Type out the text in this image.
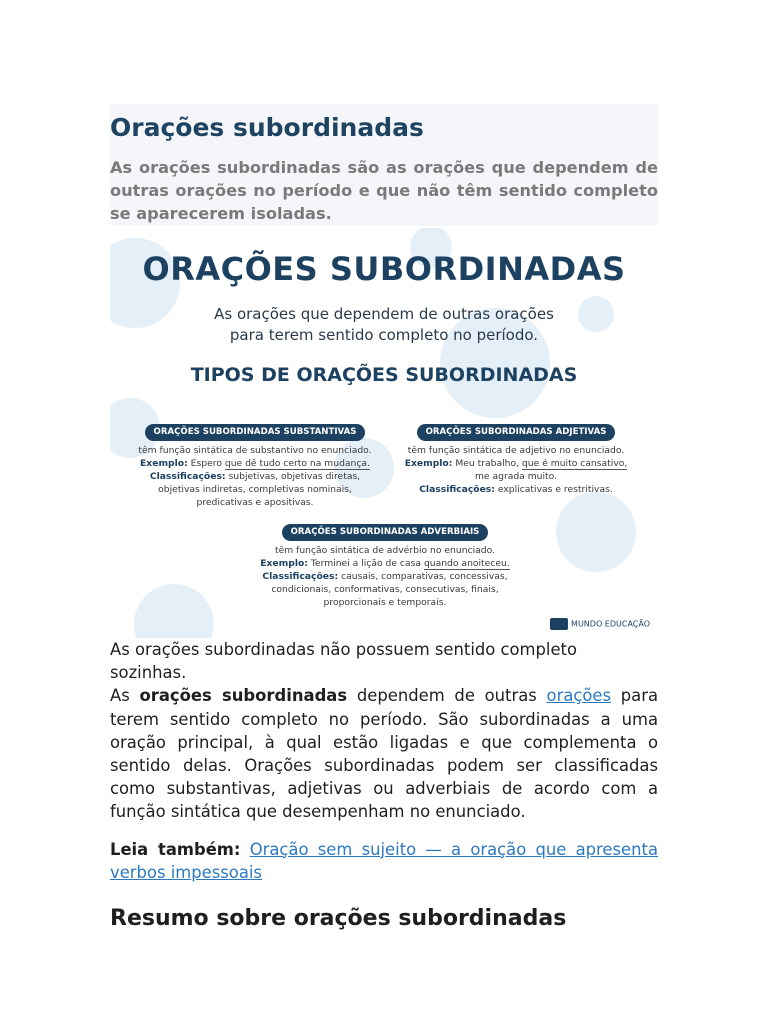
Orações subordinadas

As orações subordinadas são as orações que dependem de outras orações no período e que não têm sentido completo se aparecerem isoladas.

ORAÇÕES SUBORDINADAS
As orações que dependem de outras orações
para terem sentido completo no período.
TIPOS DE ORAÇÕES SUBORDINADAS
ORAÇÕES SUBORDINADAS SUBSTANTIVAS
têm função sintática de substantivo no enunciado.
Exemplo: Espero que dê tudo certo na mudança.
Classificações: subjetivas, objetivas diretas,
objetivas indiretas, completivas nominais,
predicativas e apositivas.
ORAÇÕES SUBORDINADAS ADJETIVAS
têm função sintática de adjetivo no enunciado.
Exemplo: Meu trabalho, que é muito cansativo,
me agrada muito.
Classificações: explicativas e restritivas.
ORAÇÕES SUBORDINADAS ADVERBIAIS
têm função sintática de advérbio no enunciado.
Exemplo: Terminei a lição de casa quando anoiteceu.
Classificações: causais, comparativas, concessivas,
condicionais, conformativas, consecutivas, finais,
proporcionais e temporais.
MUNDO EDUCAÇÃO

As orações subordinadas não possuem sentido completo sozinhas.

As orações subordinadas dependem de outras orações para terem sentido completo no período. São subordinadas a uma oração principal, à qual estão ligadas e que complementa o sentido delas. Orações subordinadas podem ser classificadas como substantivas, adjetivas ou adverbiais de acordo com a função sintática que desempenham no enunciado.

Leia também: Oração sem sujeito — a oração que apresenta verbos impessoais

Resumo sobre orações subordinadas
